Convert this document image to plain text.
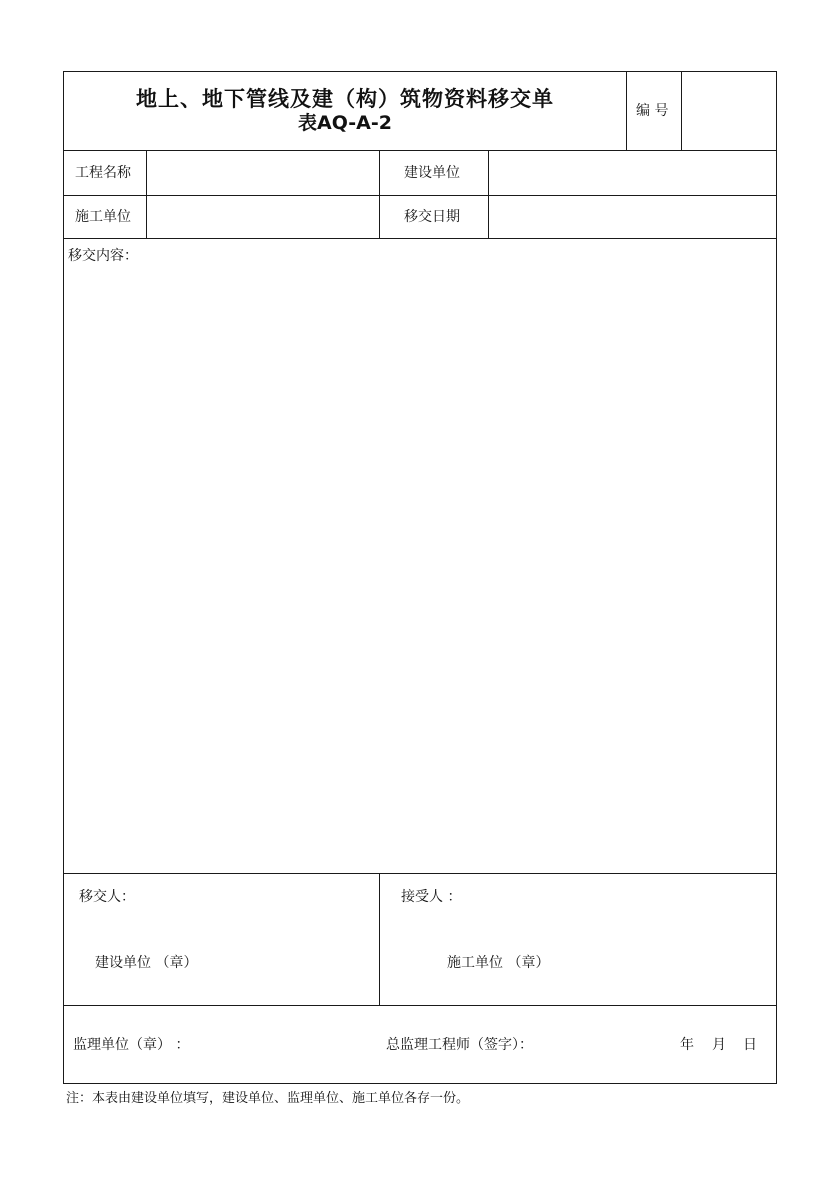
地上、地下管线及建（构）筑物资料移交单
表AQ-A-2
编 号
工程名称	建设单位
施工单位	移交日期
移交内容：
移交人：
建设单位 （章）
接受人 ：
施工单位 （章）
监理单位（章） ：	总监理工程师（签字）：	年 月 日
注：本表由建设单位填写，建设单位、监理单位、施工单位各存一份。
